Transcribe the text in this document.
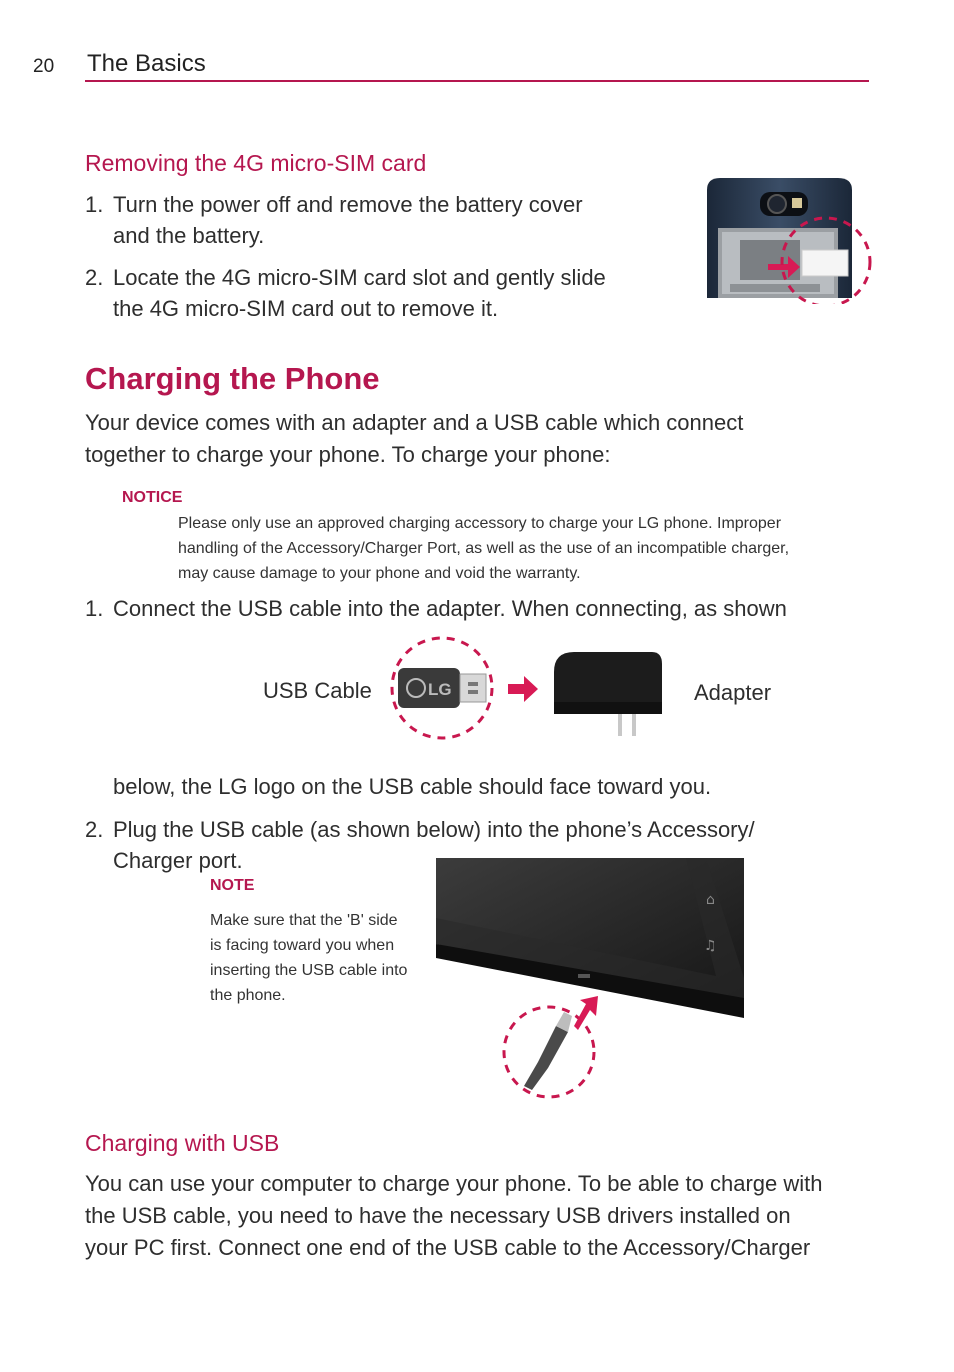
20 The Basics
Removing the 4G micro-SIM card
1. Turn the power off and remove the battery cover
and the battery.
2. Locate the 4G micro-SIM card slot and gently slide
the 4G micro-SIM card out to remove it.
Charging the Phone
Your device comes with an adapter and a USB cable which connect
together to charge your phone. To charge your phone:
NOTICE
Please only use an approved charging accessory to charge your LG phone. Improper
handling of the Accessory/Charger Port, as well as the use of an incompatible charger,
may cause damage to your phone and void the warranty.
1. Connect the USB cable into the adapter. When connecting, as shown
USB Cable	Adapter
LG
below, the LG logo on the USB cable should face toward you.
2. Plug the USB cable (as shown below) into the phone’s Accessory/
Charger port.
NOTE
Make sure that the 'B' side
is facing toward you when
inserting the USB cable into
the phone.
⌂
♫
Charging with USB
You can use your computer to charge your phone. To be able to charge with
the USB cable, you need to have the necessary USB drivers installed on
your PC first. Connect one end of the USB cable to the Accessory/Charger
